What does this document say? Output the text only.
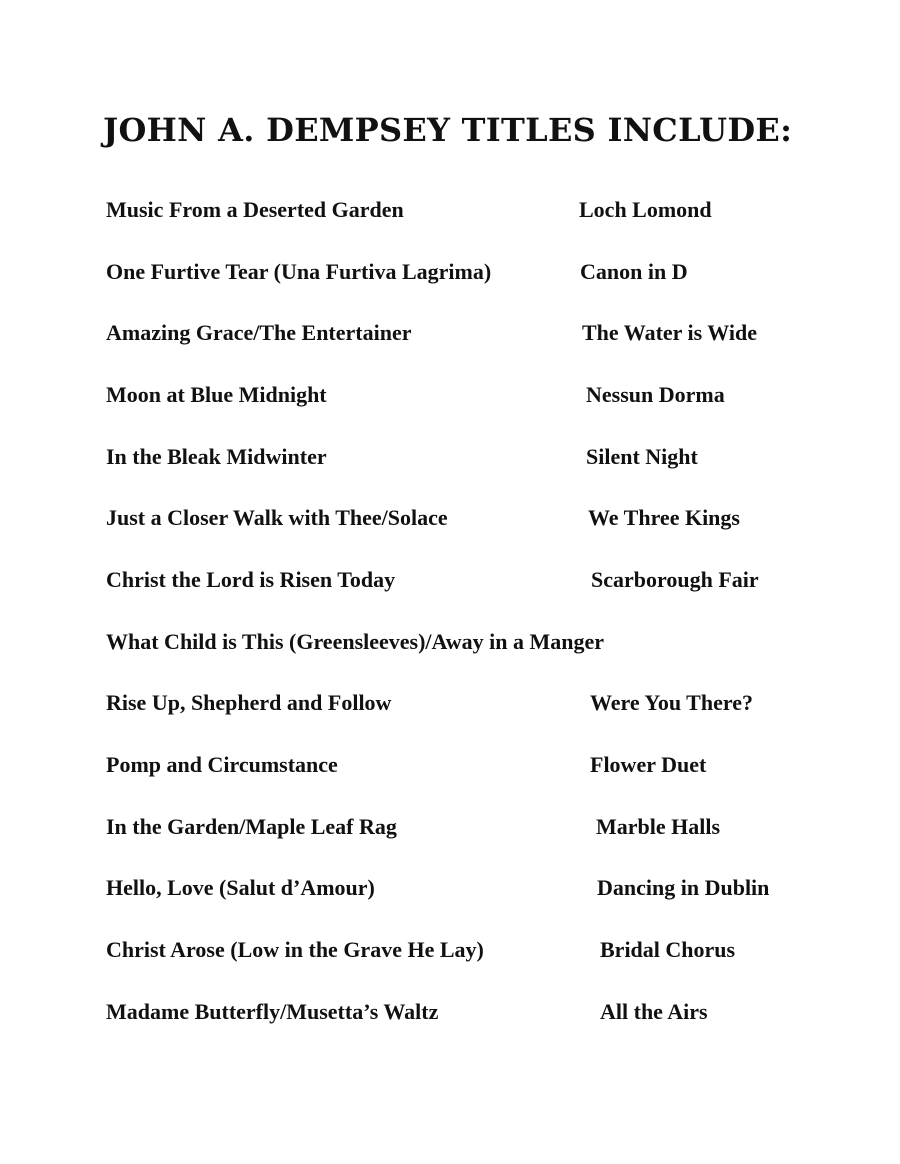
JOHN A. DEMPSEY TITLES INCLUDE:
Music From a Deserted Garden	Loch Lomond
One Furtive Tear (Una Furtiva Lagrima)	Canon in D
Amazing Grace/The Entertainer	The Water is Wide
Moon at Blue Midnight	Nessun Dorma
In the Bleak Midwinter	Silent Night
Just a Closer Walk with Thee/Solace	We Three Kings
Christ the Lord is Risen Today	Scarborough Fair
What Child is This (Greensleeves)/Away in a Manger
Rise Up, Shepherd and Follow	Were You There?
Pomp and Circumstance	Flower Duet
In the Garden/Maple Leaf Rag	Marble Halls
Hello, Love (Salut d’Amour)	Dancing in Dublin
Christ Arose (Low in the Grave He Lay)	Bridal Chorus
Madame Butterfly/Musetta’s Waltz	All the Airs
